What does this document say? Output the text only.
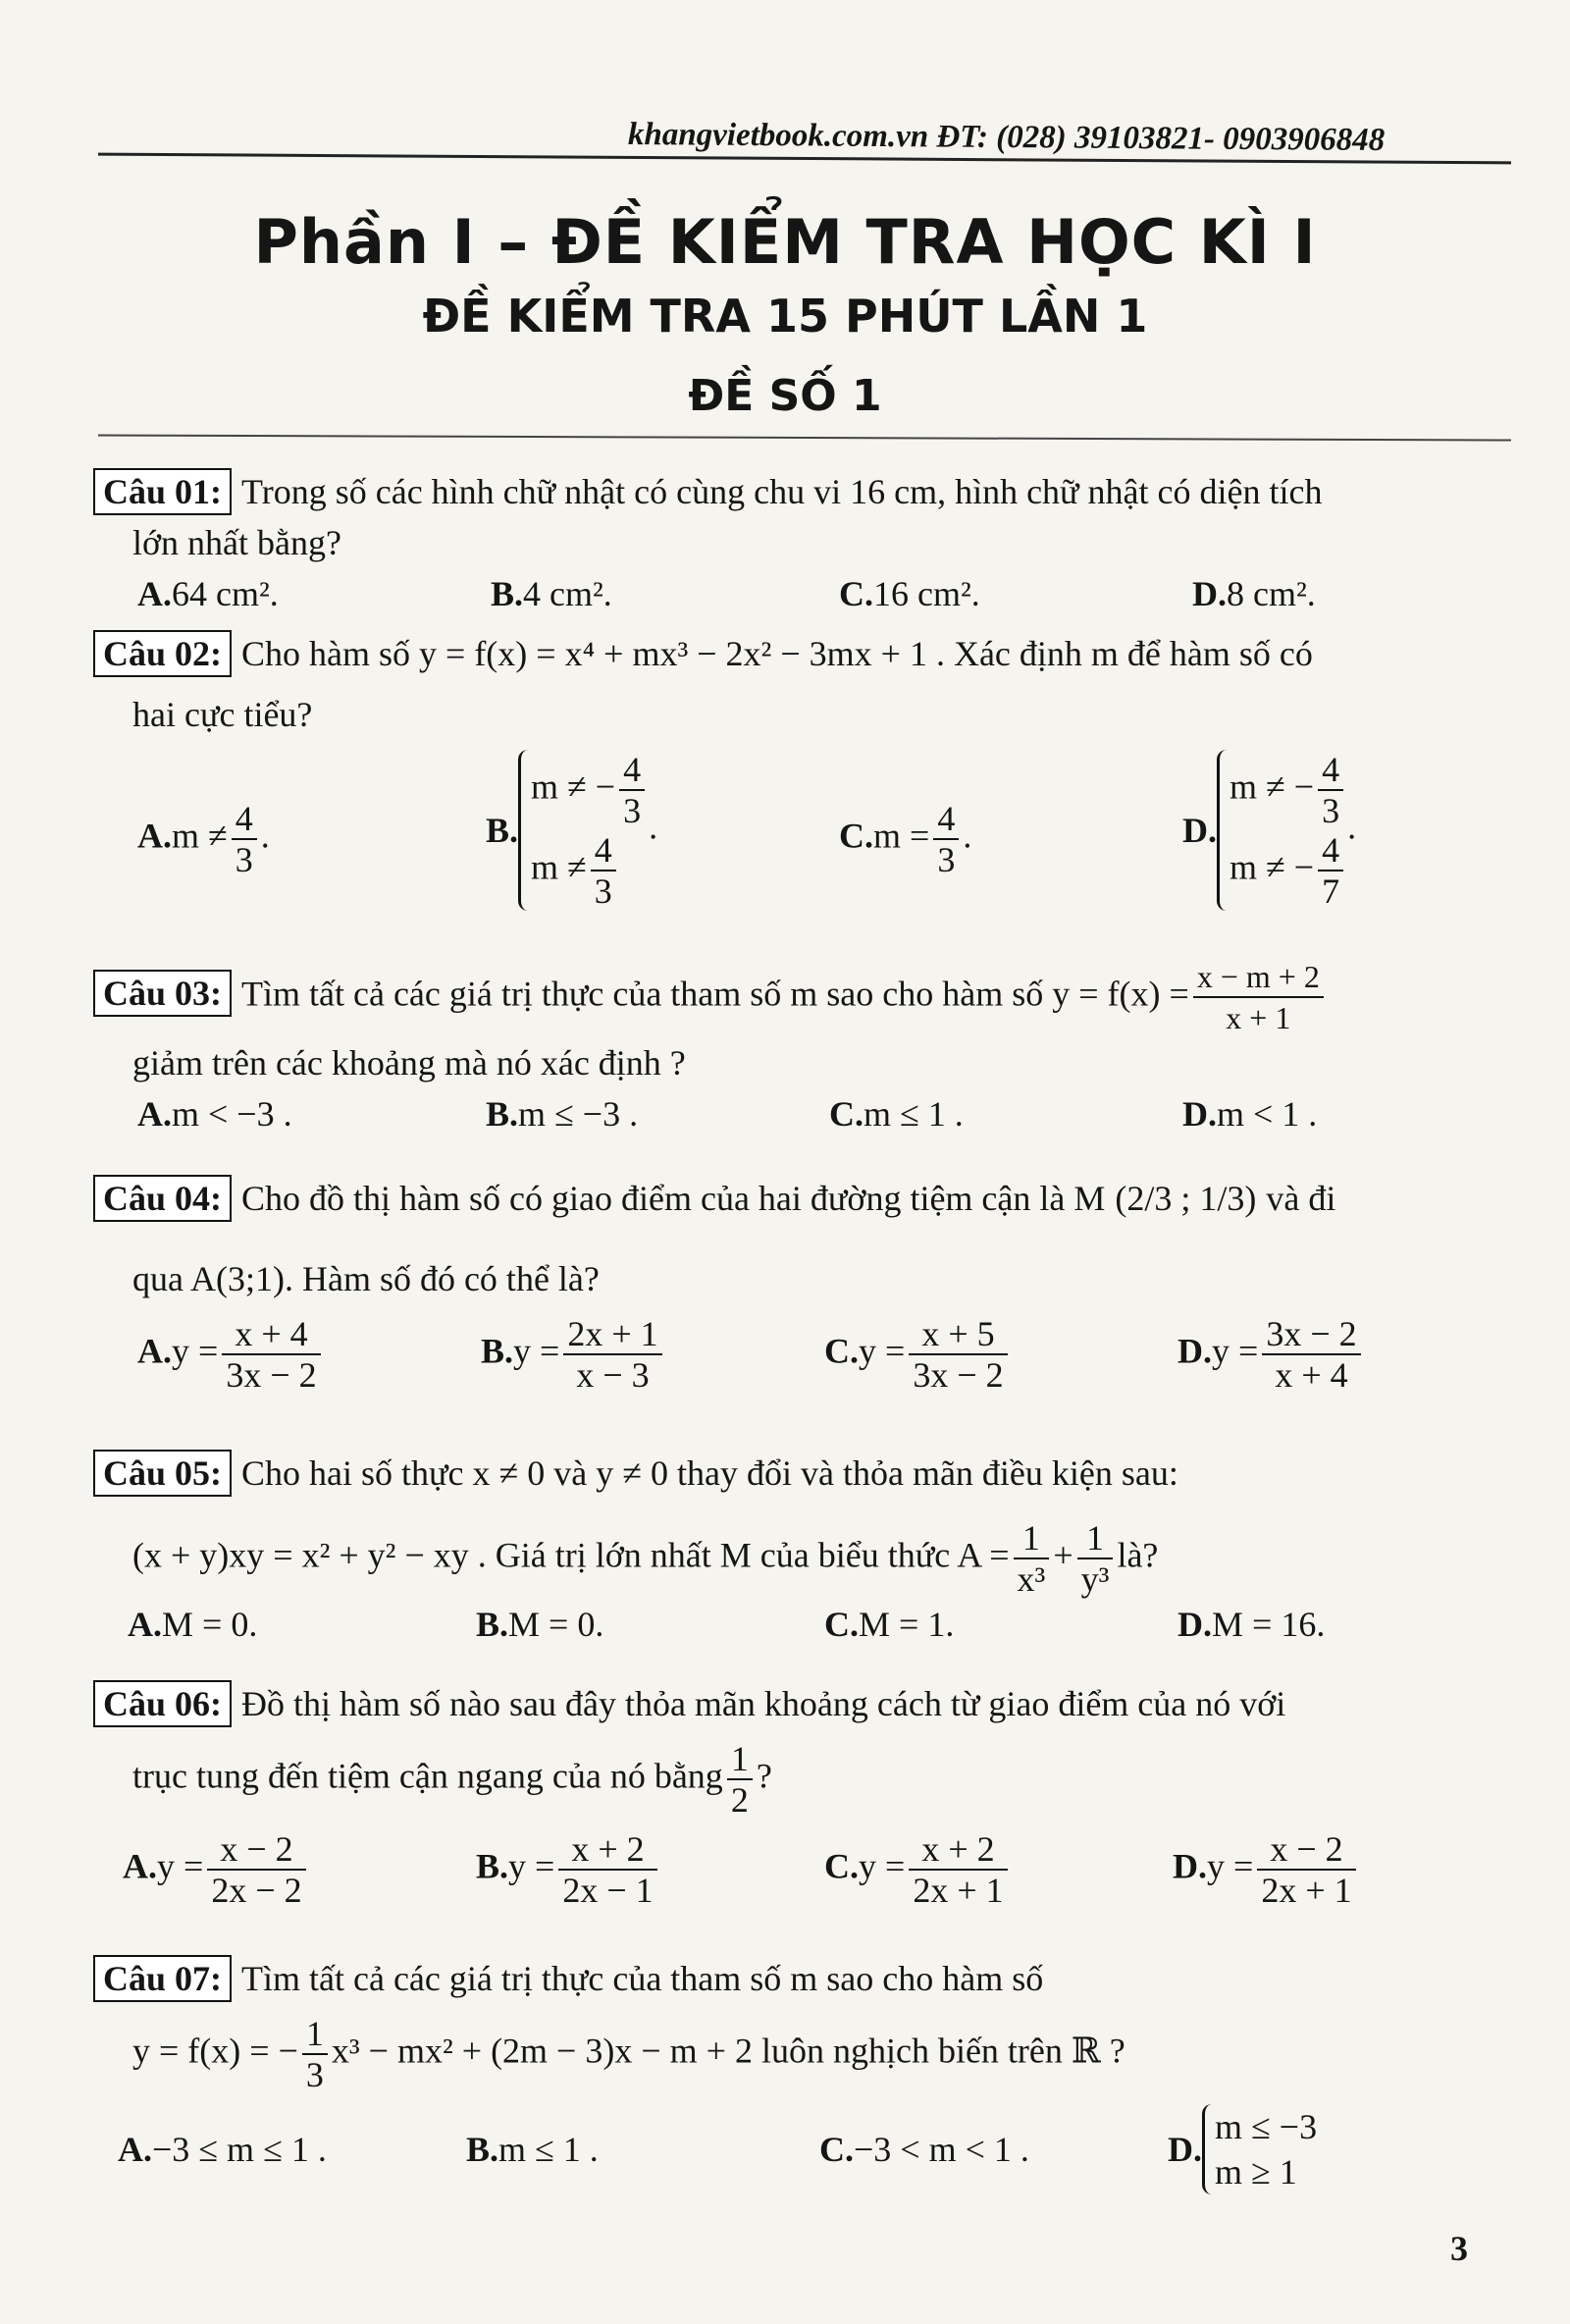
khangvietbook.com.vn ĐT: (028) 39103821- 0903906848
Phần I – ĐỀ KIỂM TRA HỌC KÌ I
ĐỀ KIỂM TRA 15 PHÚT LẦN 1
ĐỀ SỐ 1
Câu 01: Trong số các hình chữ nhật có cùng chu vi 16 cm, hình chữ nhật có diện tích
lớn nhất bằng?
A.64 cm².	B.4 cm².	C.16 cm².	D.8 cm².
Câu 02: Cho hàm số y = f(x) = x⁴ + mx³ − 2x² − 3mx + 1 . Xác định m để hàm số có
hai cực tiểu?
$A.m \ne \frac{4}{3}$ .	B.
m ≠ − $\frac{4}{3}$
$m \ne \frac{4}{3}$
.	$C.m = \frac{4}{3}$ .	D.
m ≠ − $\frac{4}{3}$
m ≠ − $\frac{4}{7}$
.
Câu 03: Tìm tất cả các giá trị thực của tham số m sao cho hàm số $y = f(x) = \frac{x - m + 2}{x + 1}$
giảm trên các khoảng mà nó xác định ?
A.m < −3 .	B.m ≤ −3 .	C.m ≤ 1 .	D.m < 1 .
Câu 04: Cho đồ thị hàm số có giao điểm của hai đường tiệm cận là M (2/3 ; 1/3) và đi
qua A(3;1). Hàm số đó có thể là?
$A.y = \frac{x + 4}{3x - 2}$	$B.y = \frac{2x + 1}{x - 3}$	$C.y = \frac{x + 5}{3x - 2}$	$D.y = \frac{3x - 2}{x + 4}$
Câu 05: Cho hai số thực x ≠ 0 và y ≠ 0 thay đổi và thỏa mãn điều kiện sau:
(x + y)xy = x² + y² − xy . Giá trị lớn nhất M của biểu thức $A = \frac{1}{\text{x³}} + \frac{1}{\text{y³}}$ là?
A.M = 0.	B.M = 0.	C.M = 1.	D.M = 16.
Câu 06: Đồ thị hàm số nào sau đây thỏa mãn khoảng cách từ giao điểm của nó với
trục tung đến tiệm cận ngang của nó bằng $\frac{1}{2}$ ?
$A.y = \frac{x - 2}{2x - 2}$	$B.y = \frac{x + 2}{2x - 1}$	$C.y = \frac{x + 2}{2x + 1}$	$D.y = \frac{x - 2}{2x + 1}$
Câu 07: Tìm tất cả các giá trị thực của tham số m sao cho hàm số
y = f(x) = − $\frac{1}{3} x^3 - mx^2 + (2m - 3)x - m + 2$ luôn nghịch biến trên ℝ ?
A.−3 ≤ m ≤ 1 .	B.m ≤ 1 .	C.−3 < m < 1 .	D.
m ≤ −3
m ≥ 1
3
